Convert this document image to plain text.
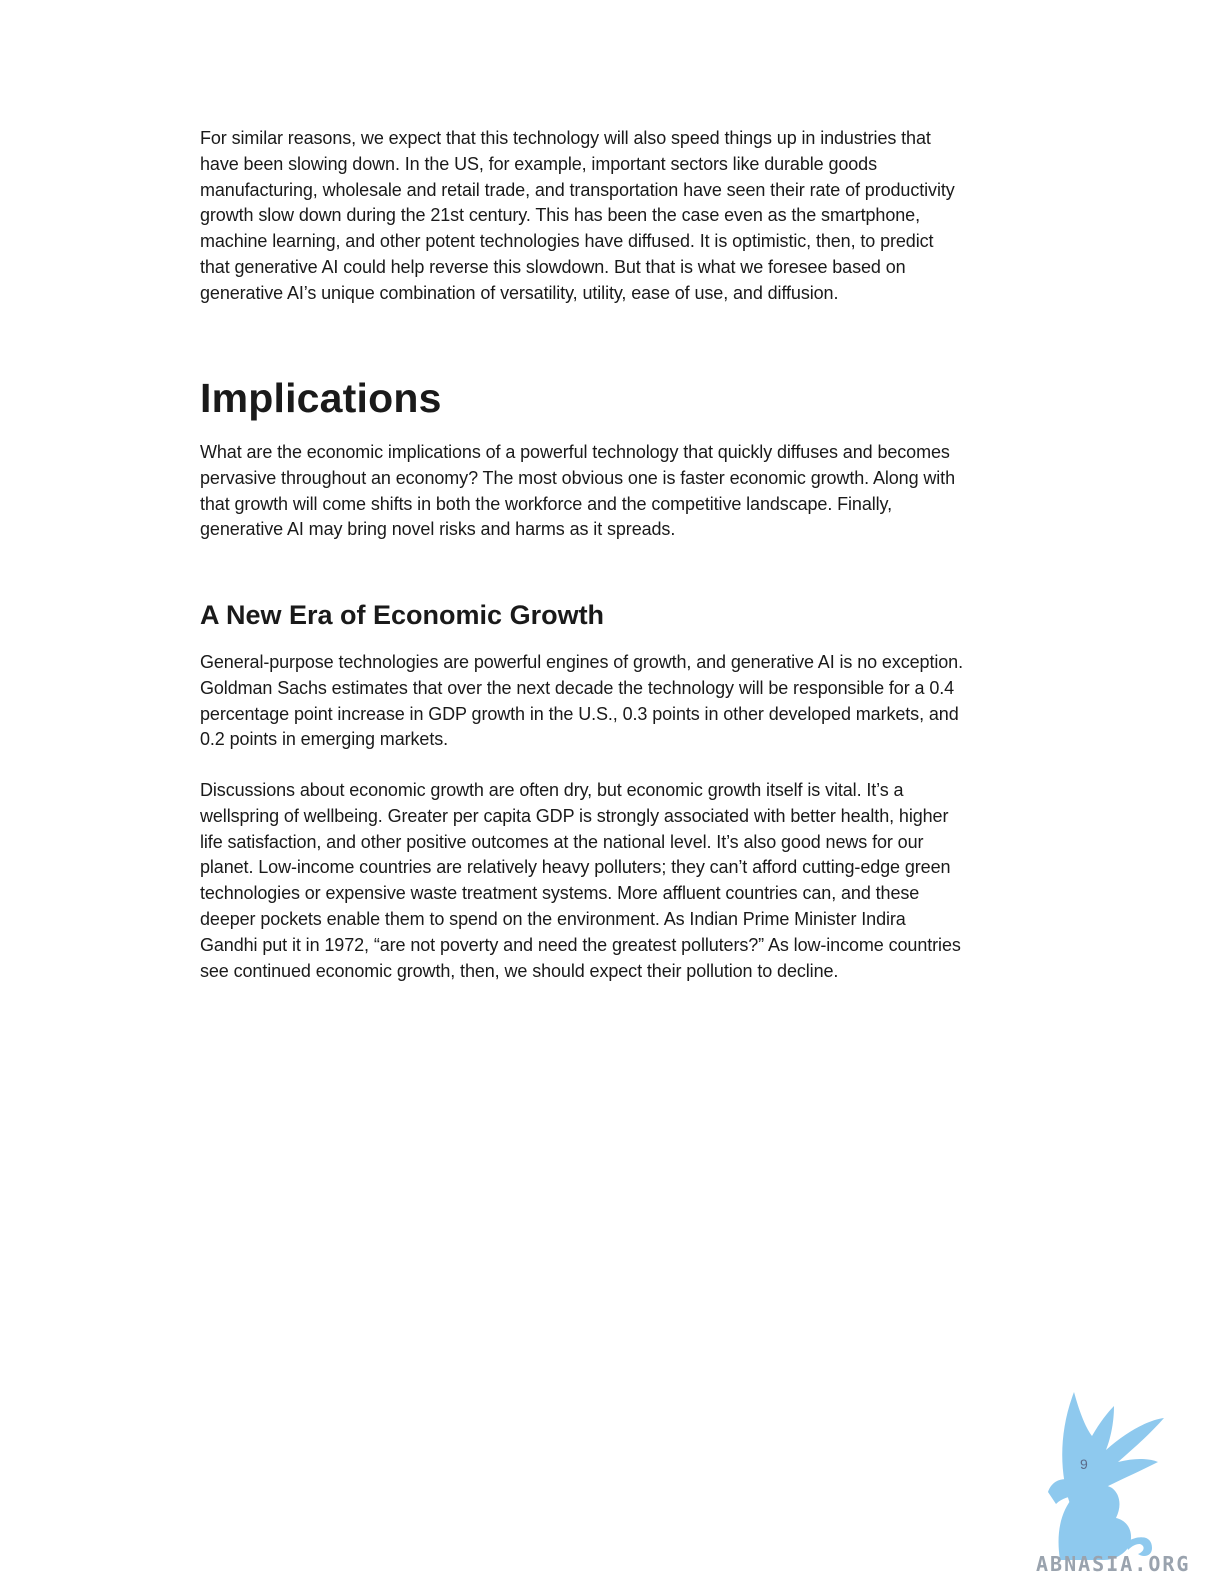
For similar reasons, we expect that this technology will also speed things up in industries that have been slowing down. In the US, for example, important sectors like durable goods manufacturing, wholesale and retail trade, and transportation have seen their rate of productivity growth slow down during the 21st century. This has been the case even as the smartphone, machine learning, and other potent technologies have diffused. It is optimistic, then, to predict that generative AI could help reverse this slowdown. But that is what we foresee based on generative AI’s unique combination of versatility, utility, ease of use, and diffusion.

Implications

What are the economic implications of a powerful technology that quickly diffuses and becomes pervasive throughout an economy? The most obvious one is faster economic growth. Along with that growth will come shifts in both the workforce and the competitive landscape. Finally, generative AI may bring novel risks and harms as it spreads.

A New Era of Economic Growth

General-purpose technologies are powerful engines of growth, and generative AI is no exception. Goldman Sachs estimates that over the next decade the technology will be responsible for a 0.4 percentage point increase in GDP growth in the U.S., 0.3 points in other developed markets, and 0.2 points in emerging markets.

Discussions about economic growth are often dry, but economic growth itself is vital. It’s a wellspring of wellbeing. Greater per capita GDP is strongly associated with better health, higher life satisfaction, and other positive outcomes at the national level. It’s also good news for our planet. Low-income countries are relatively heavy polluters; they can’t afford cutting-edge green technologies or expensive waste treatment systems. More affluent countries can, and these deeper pockets enable them to spend on the environment. As Indian Prime Minister Indira Gandhi put it in 1972, “are not poverty and need the greatest polluters?” As low-income countries see continued economic growth, then, we should expect their pollution to decline.

9
ABNASIA.ORG
